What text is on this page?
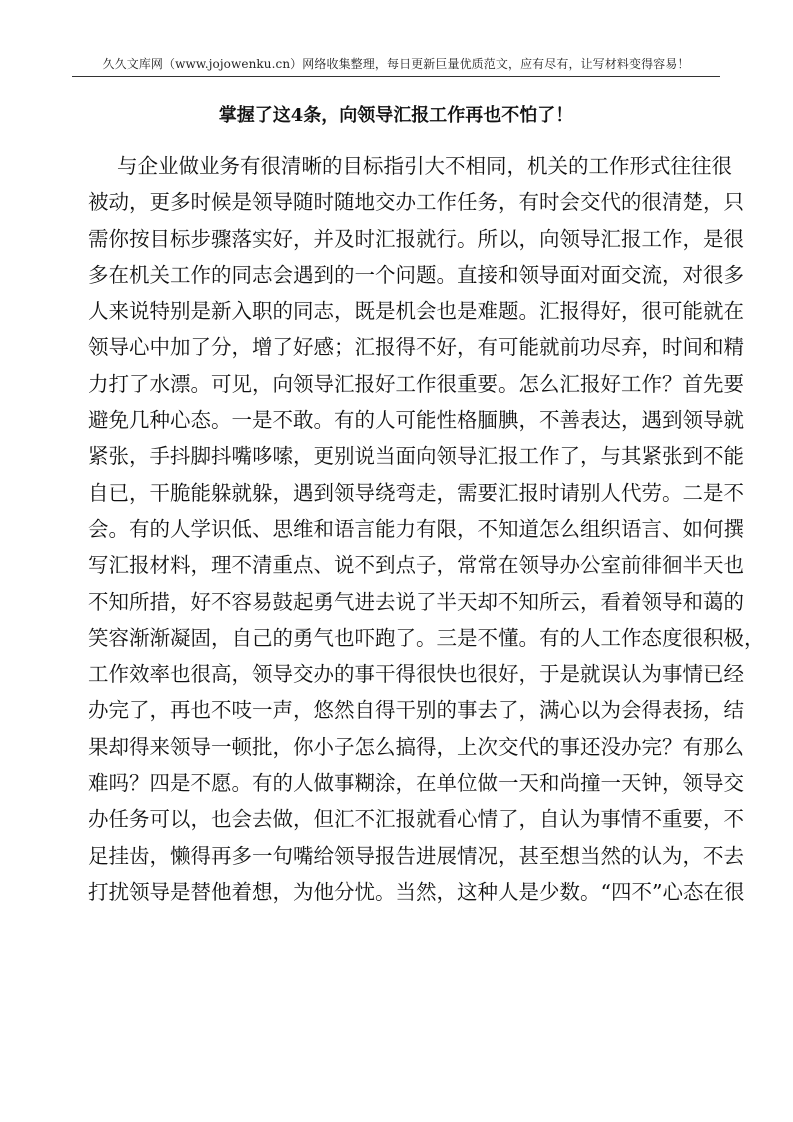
久久文库网（www.jojowenku.cn）网络收集整理，每日更新巨量优质范文，应有尽有，让写材料变得容易！
掌握了这4条，向领导汇报工作再也不怕了！
与企业做业务有很清晰的目标指引大不相同，机关的工作形式往往很
被动，更多时候是领导随时随地交办工作任务，有时会交代的很清楚，只
需你按目标步骤落实好，并及时汇报就行。所以，向领导汇报工作，是很
多在机关工作的同志会遇到的一个问题。直接和领导面对面交流，对很多
人来说特别是新入职的同志，既是机会也是难题。汇报得好，很可能就在
领导心中加了分，增了好感；汇报得不好，有可能就前功尽弃，时间和精
力打了水漂。可见，向领导汇报好工作很重要。怎么汇报好工作？首先要
避免几种心态。一是不敢。有的人可能性格腼腆，不善表达，遇到领导就
紧张，手抖脚抖嘴哆嗦，更别说当面向领导汇报工作了，与其紧张到不能
自已，干脆能躲就躲，遇到领导绕弯走，需要汇报时请别人代劳。二是不
会。有的人学识低、思维和语言能力有限，不知道怎么组织语言、如何撰
写汇报材料，理不清重点、说不到点子，常常在领导办公室前徘徊半天也
不知所措，好不容易鼓起勇气进去说了半天却不知所云，看着领导和蔼的
笑容渐渐凝固，自己的勇气也吓跑了。三是不懂。有的人工作态度很积极，
工作效率也很高，领导交办的事干得很快也很好，于是就误认为事情已经
办完了，再也不吱一声，悠然自得干别的事去了，满心以为会得表扬，结
果却得来领导一顿批，你小子怎么搞得，上次交代的事还没办完？有那么
难吗？四是不愿。有的人做事糊涂，在单位做一天和尚撞一天钟，领导交
办任务可以，也会去做，但汇不汇报就看心情了，自认为事情不重要，不
足挂齿，懒得再多一句嘴给领导报告进展情况，甚至想当然的认为，不去
打扰领导是替他着想，为他分忧。当然，这种人是少数。“四不”心态在很
